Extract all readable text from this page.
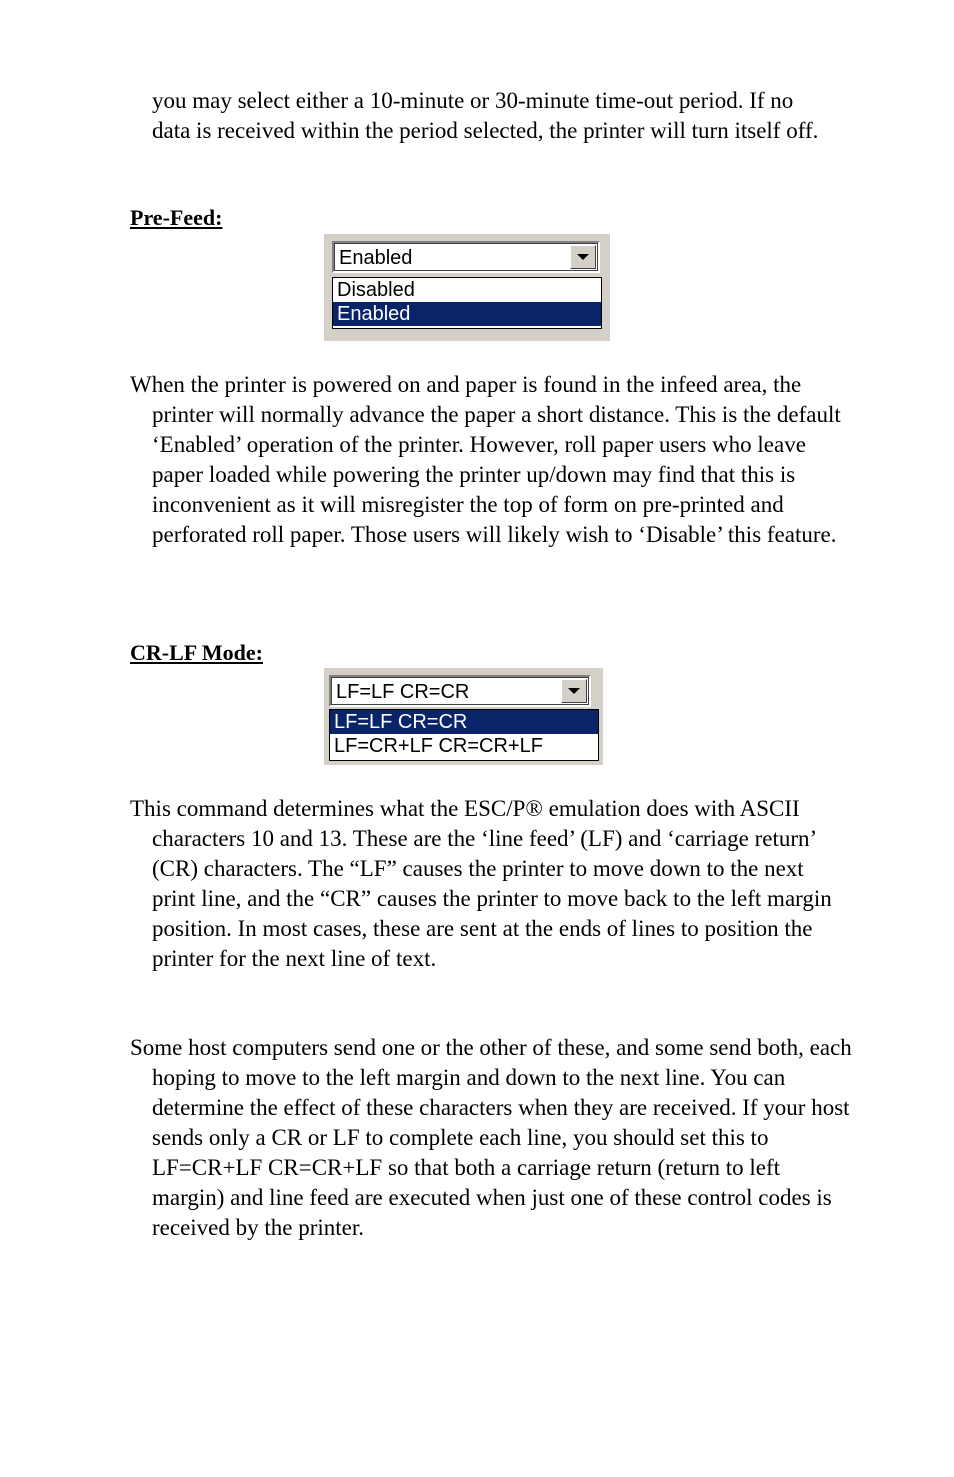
you may select either a 10-minute or 30-minute time-out period. If no data is received within the period selected, the printer will turn itself off.

Pre-Feed:
Enabled
Disabled
Enabled

When the printer is powered on and paper is found in the infeed area, the printer will normally advance the paper a short distance. This is the default ‘Enabled’ operation of the printer. However, roll paper users who leave paper loaded while powering the printer up/down may find that this is inconvenient as it will misregister the top of form on pre-printed and perforated roll paper. Those users will likely wish to ‘Disable’ this feature.

CR-LF Mode:
LF=LF CR=CR
LF=LF CR=CR
LF=CR+LF CR=CR+LF

This command determines what the ESC/P® emulation does with ASCII characters 10 and 13. These are the ‘line feed’ (LF) and ‘carriage return’ (CR) characters. The “LF” causes the printer to move down to the next print line, and the “CR” causes the printer to move back to the left margin position. In most cases, these are sent at the ends of lines to position the printer for the next line of text.

Some host computers send one or the other of these, and some send both, each hoping to move to the left margin and down to the next line. You can determine the effect of these characters when they are received. If your host sends only a CR or LF to complete each line, you should set this to LF=CR+LF CR=CR+LF so that both a carriage return (return to left margin) and line feed are executed when just one of these control codes is received by the printer.
